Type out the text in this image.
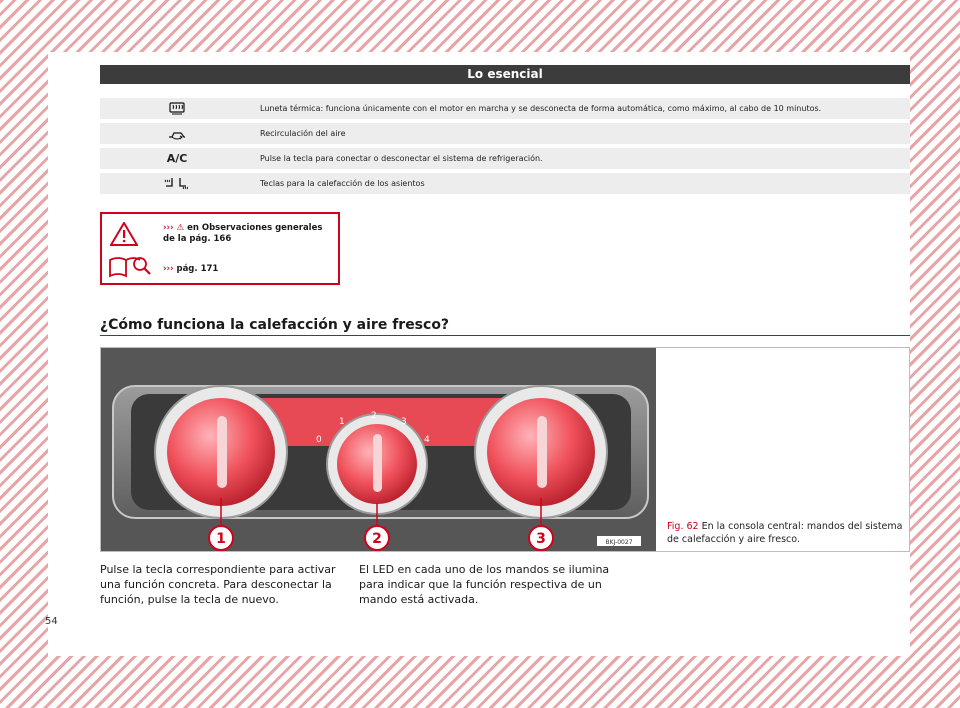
Lo esencial
Luneta térmica: funciona únicamente con el motor en marcha y se desconecta de forma automática, como máximo, al cabo de 10 minutos.
Recirculación del aire
A/C	Pulse la tecla para conectar o desconectar el sistema de refrigeración.
Teclas para la calefacción de los asientos
››› ⚠ en Observaciones generales de la pág. 166
››› pág. 171
¿Cómo funciona la calefacción y aire fresco?
0
1
2
3
4
1	2	3	BKJ-0027
Fig. 62 En la consola central: mandos del sistema de calefacción y aire fresco.
Pulse la tecla correspondiente para activar una función concreta. Para desconectar la función, pulse la tecla de nuevo.
El LED en cada uno de los mandos se ilumina para indicar que la función respectiva de un mando está activada.
54
